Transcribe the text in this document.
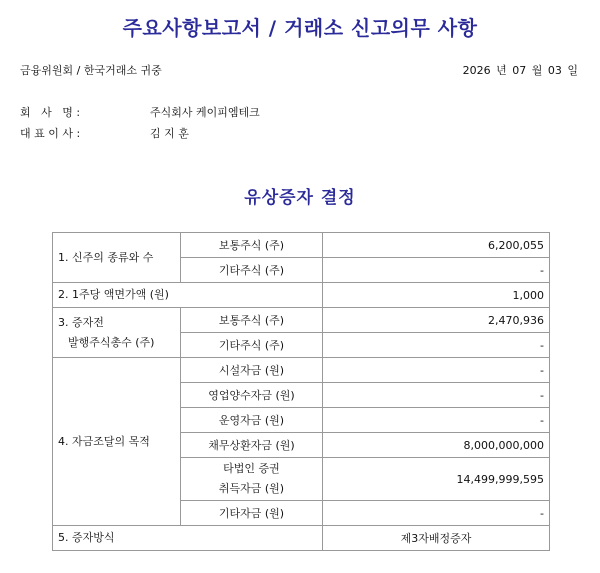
주요사항보고서 / 거래소 신고의무 사항
금융위원회 / 한국거래소 귀중	2026 년 07 월 03 일
회   사   명 :	주식회사 케이피엠테크
대 표 이 사 :	김 지 훈
유상증자 결정
1. 신주의 종류와 수	보통주식 (주)	6,200,055
	기타주식 (주)	-
2. 1주당 액면가액 (원)		1,000

3. 증자전
발행주식총수 (주)	보통주식 (주)	2,470,936
	기타주식 (주)	-
4. 자금조달의 목적	시설자금 (원)	-
	영업양수자금 (원)	-
	운영자금 (원)	-
	채무상환자금 (원)	8,000,000,000

	타법인 증권
취득자금 (원)	14,499,999,595
	기타자금 (원)	-
5. 증자방식		제3자배정증자
